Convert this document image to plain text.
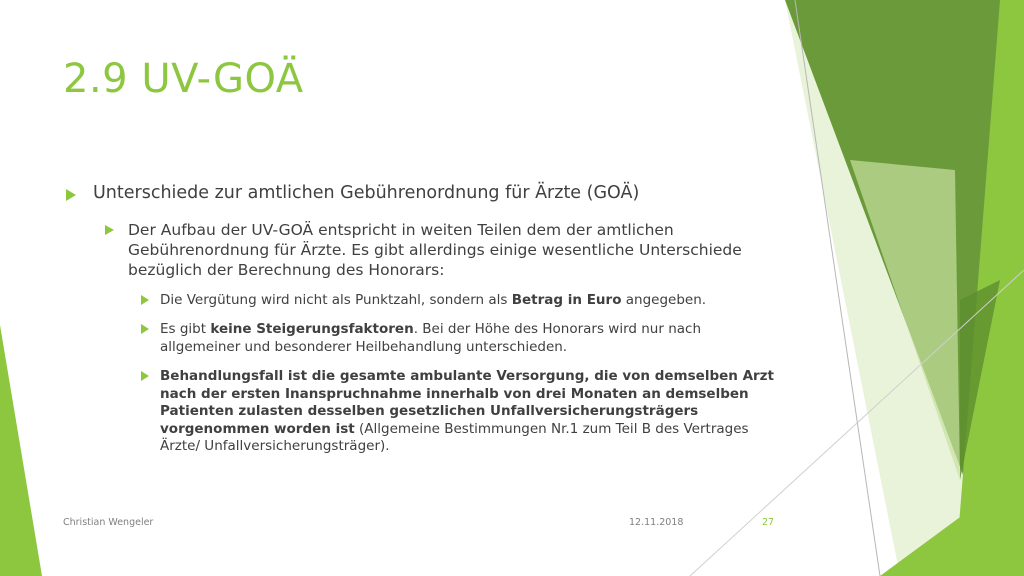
2.9 UV-GOÄ
Unterschiede zur amtlichen Gebührenordnung für Ärzte (GOÄ)
Der Aufbau der UV-GOÄ entspricht in weiten Teilen dem der amtlichen Gebührenordnung für Ärzte. Es gibt allerdings einige wesentliche Unterschiede bezüglich der Berechnung des Honorars:
Die Vergütung wird nicht als Punktzahl, sondern als Betrag in Euro angegeben.
Es gibt keine Steigerungsfaktoren. Bei der Höhe des Honorars wird nur nach allgemeiner und besonderer Heilbehandlung unterschieden.
Behandlungsfall ist die gesamte ambulante Versorgung, die von demselben Arzt nach der ersten Inanspruchnahme innerhalb von drei Monaten an demselben Patienten zulasten desselben gesetzlichen Unfallversicherungsträgers vorgenommen worden ist (Allgemeine Bestimmungen Nr.1 zum Teil B des Vertrages Ärzte/ Unfallversicherungsträger).
Christian Wengeler	12.11.2018	27
